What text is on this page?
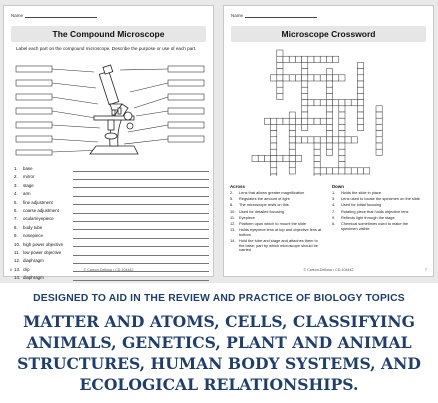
Name
The Compound Microscope
Label each part on the compound microscope. Describe the purpose or use of each part.
1.	base
2.	mirror
3.	stage
4.	arm
5.	fine adjustment
6.	coarse adjustment
7.	ocular/eyepiece
8.	body tube
9.	nosepiece
10. high power objective
11. low power objective
12. diaphragm
13. clip
14. diaphragm
6	© Carson-Dellosa • CD-104442
Name
Microscope Crossword
Across
2.	Lens that allows greater magnification
5.	Regulates the amount of light
8.	The microscope rests on this
10. Used for detailed focusing
11. Eyepiece
12. Platform upon which to mount the slide
13. Holds eyepiece lens at top and objective lens at bottom
14. Hold the tube and stage and attaches them to the base; part by which microscope should be carried
Down
1.	Holds the slide in place
3.	Lens used to locate the specimen on the slide
4.	Used for initial focusing
7.	Rotating piece that holds objective lens
9.	Reflects light through the stage
6.	Chemical sometimes used to make the specimen visible
© Carson-Dellosa • CD-104442	7
DESIGNED TO AID IN THE REVIEW AND PRACTICE OF BIOLOGY TOPICS
MATTER AND ATOMS, CELLS, CLASSIFYING ANIMALS, GENETICS, PLANT AND ANIMAL STRUCTURES, HUMAN BODY SYSTEMS, AND ECOLOGICAL RELATIONSHIPS.
